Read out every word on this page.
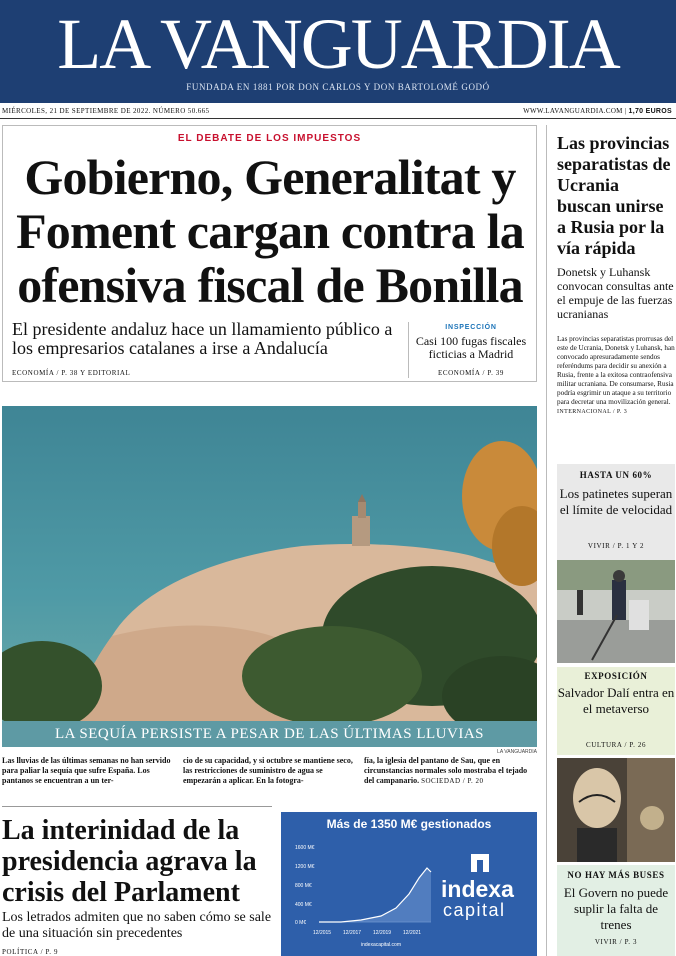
LA VANGUARDIA
FUNDADA EN 1881 POR DON CARLOS Y DON BARTOLOMÉ GODÓ
MIÉRCOLES, 21 DE SEPTIEMBRE DE 2022. NÚMERO 50.665	WWW.LAVANGUARDIA.COM | 1,70 EUROS
EL DEBATE DE LOS IMPUESTOS
Gobierno, Generalitat y Foment cargan contra la ofensiva fiscal de Bonilla
El presidente andaluz hace un llamamiento público a los empresarios catalanes a irse a Andalucía
ECONOMÍA / P. 38 Y EDITORIAL
INSPECCIÓN
Casi 100 fugas fiscales ficticias a Madrid
ECONOMÍA / P. 39
LA SEQUÍA PERSISTE A PESAR DE LAS ÚLTIMAS LLUVIAS
LA VANGUARDIA
Las lluvias de las últimas semanas no han servido para paliar la sequía que sufre España. Los pantanos se encuentran a un ter-
cio de su capacidad, y si octubre se mantiene seco, las restricciones de suministro de agua se empezarán a aplicar. En la fotogra-
fía, la iglesia del pantano de Sau, que en circunstancias normales solo mostraba el tejado del campanario. SOCIEDAD / P. 20
La interinidad de la presidencia agrava la crisis del Parlament
Los letrados admiten que no saben cómo se sale de una situación sin precedentes
POLÍTICA / P. 9
Más de 1350 M€ gestionados
1600 M€
1200 M€
800 M€
400 M€
0 M€
12/2015 12/2017 12/2019 12/2021
indexacapital.com
indexa
capital
Las provincias separatistas de Ucrania buscan unirse a Rusia por la vía rápida
Donetsk y Luhansk convocan consultas ante el empuje de las fuerzas ucranianas
Las provincias separatistas prorrusas del este de Ucrania, Donetsk y Luhansk, han convocado apresuradamente sendos referéndums para decidir su anexión a Rusia, frente a la exitosa contraofensiva militar ucraniana. De consumarse, Rusia podría esgrimir un ataque a su territorio para decretar una movilización general. INTERNACIONAL / P. 3
HASTA UN 60%
Los patinetes superan el límite de velocidad
VIVIR / P. 1 Y 2
EXPOSICIÓN
Salvador Dalí entra en el metaverso
CULTURA / P. 26
NO HAY MÁS BUSES
El Govern no puede suplir la falta de trenes
VIVIR / P. 3
